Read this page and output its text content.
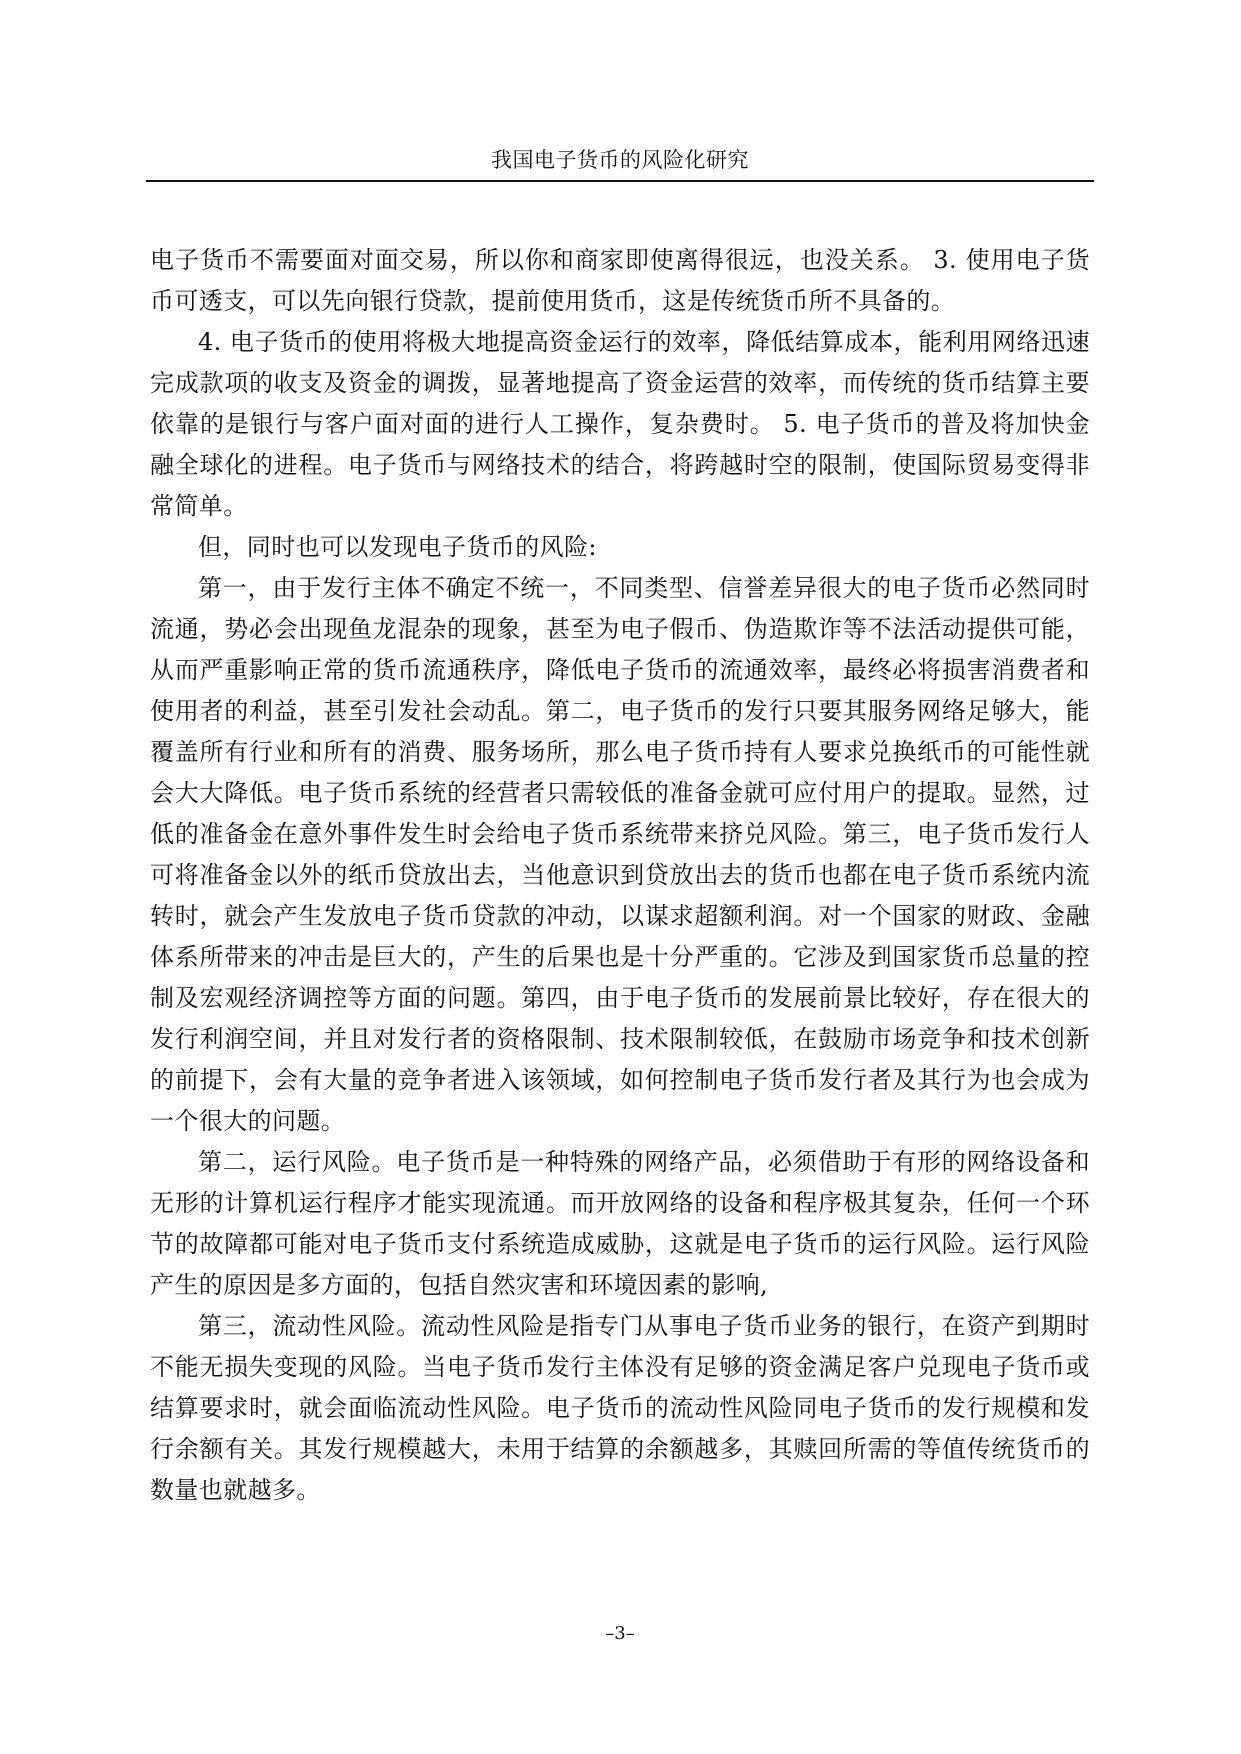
我国电子货币的风险化研究

电子货币不需要面对面交易，所以你和商家即使离得很远，也没关系。 3. 使用电子货币可透支，可以先向银行贷款，提前使用货币，这是传统货币所不具备的。

4. 电子货币的使用将极大地提高资金运行的效率，降低结算成本，能利用网络迅速完成款项的收支及资金的调拨，显著地提高了资金运营的效率，而传统的货币结算主要依靠的是银行与客户面对面的进行人工操作，复杂费时。 5. 电子货币的普及将加快金融全球化的进程。电子货币与网络技术的结合，将跨越时空的限制，使国际贸易变得非常简单。

但，同时也可以发现电子货币的风险:

第一，由于发行主体不确定不统一，不同类型、信誉差异很大的电子货币必然同时流通，势必会出现鱼龙混杂的现象，甚至为电子假币、伪造欺诈等不法活动提供可能，从而严重影响正常的货币流通秩序，降低电子货币的流通效率，最终必将损害消费者和使用者的利益，甚至引发社会动乱。第二，电子货币的发行只要其服务网络足够大，能覆盖所有行业和所有的消费、服务场所，那么电子货币持有人要求兑换纸币的可能性就会大大降低。电子货币系统的经营者只需较低的准备金就可应付用户的提取。显然，过低的准备金在意外事件发生时会给电子货币系统带来挤兑风险。第三，电子货币发行人可将准备金以外的纸币贷放出去，当他意识到贷放出去的货币也都在电子货币系统内流转时，就会产生发放电子货币贷款的冲动，以谋求超额利润。对一个国家的财政、金融体系所带来的冲击是巨大的，产生的后果也是十分严重的。它涉及到国家货币总量的控制及宏观经济调控等方面的问题。第四，由于电子货币的发展前景比较好，存在很大的发行利润空间，并且对发行者的资格限制、技术限制较低，在鼓励市场竞争和技术创新的前提下，会有大量的竞争者进入该领域，如何控制电子货币发行者及其行为也会成为一个很大的问题。

第二，运行风险。电子货币是一种特殊的网络产品，必须借助于有形的网络设备和无形的计算机运行程序才能实现流通。而开放网络的设备和程序极其复杂，任何一个环节的故障都可能对电子货币支付系统造成威胁，这就是电子货币的运行风险。运行风险产生的原因是多方面的，包括自然灾害和环境因素的影响,

第三，流动性风险。流动性风险是指专门从事电子货币业务的银行，在资产到期时不能无损失变现的风险。当电子货币发行主体没有足够的资金满足客户兑现电子货币或结算要求时，就会面临流动性风险。电子货币的流动性风险同电子货币的发行规模和发行余额有关。其发行规模越大，未用于结算的余额越多，其赎回所需的等值传统货币的数量也就越多。

–3–
